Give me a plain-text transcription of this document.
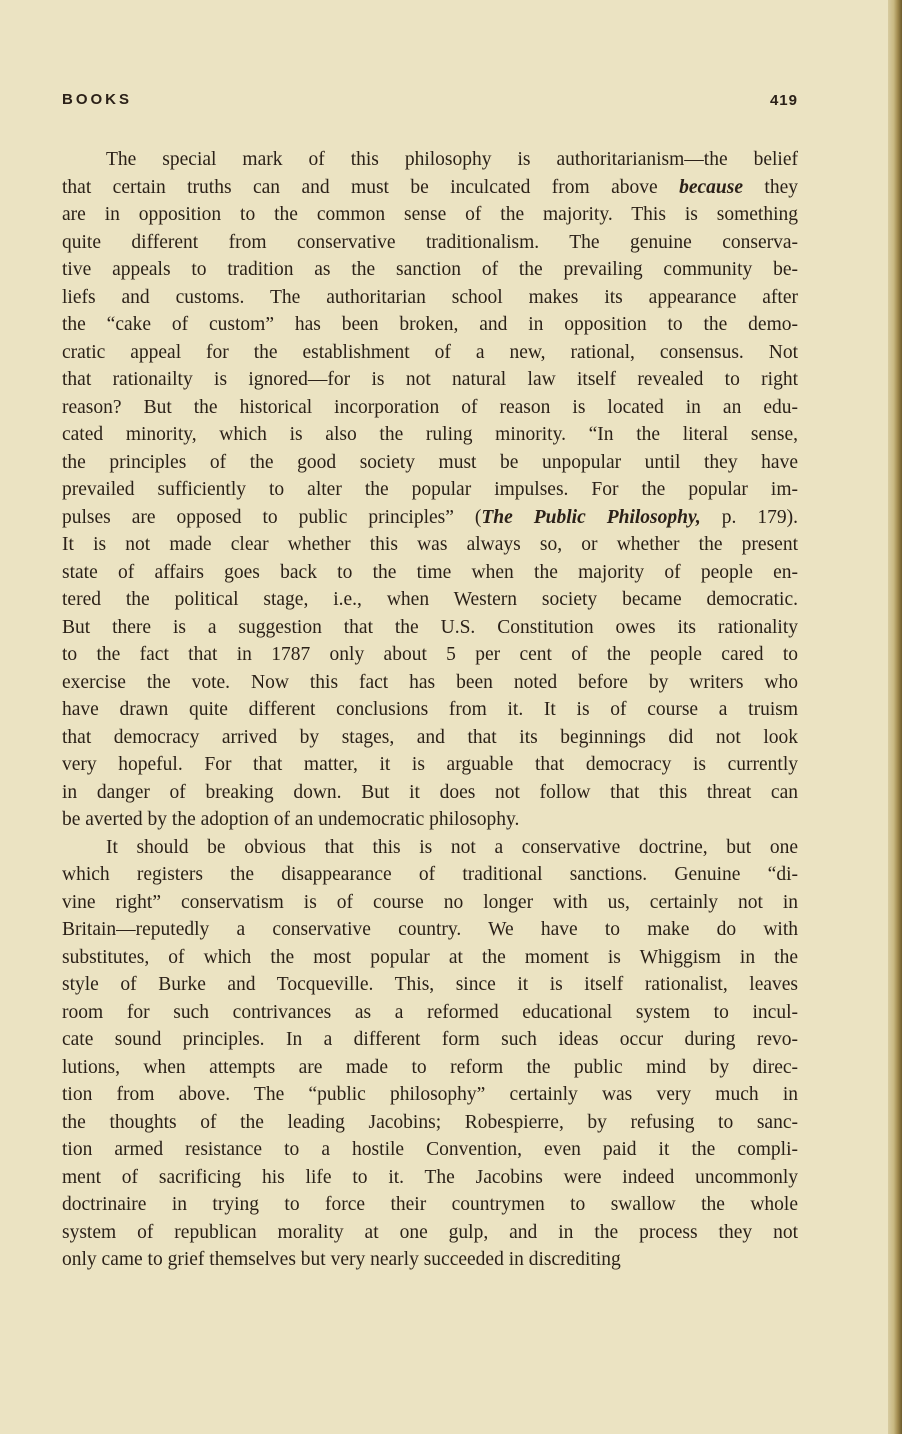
BOOKS	419
The special mark of this philosophy is authoritarianism—the belief
that certain truths can and must be inculcated from above because they
are in opposition to the common sense of the majority. This is something
quite different from conservative traditionalism. The genuine conserva-
tive appeals to tradition as the sanction of the prevailing community be-
liefs and customs. The authoritarian school makes its appearance after
the “cake of custom” has been broken, and in opposition to the demo-
cratic appeal for the establishment of a new, rational, consensus. Not
that rationailty is ignored—for is not natural law itself revealed to right
reason? But the historical incorporation of reason is located in an edu-
cated minority, which is also the ruling minority. “In the literal sense,
the principles of the good society must be unpopular until they have
prevailed sufficiently to alter the popular impulses. For the popular im-
pulses are opposed to public principles” (The Public Philosophy, p. 179).
It is not made clear whether this was always so, or whether the present
state of affairs goes back to the time when the majority of people en-
tered the political stage, i.e., when Western society became democratic.
But there is a suggestion that the U.S. Constitution owes its rationality
to the fact that in 1787 only about 5 per cent of the people cared to
exercise the vote. Now this fact has been noted before by writers who
have drawn quite different conclusions from it. It is of course a truism
that democracy arrived by stages, and that its beginnings did not look
very hopeful. For that matter, it is arguable that democracy is currently
in danger of breaking down. But it does not follow that this threat can
be averted by the adoption of an undemocratic philosophy.
It should be obvious that this is not a conservative doctrine, but one
which registers the disappearance of traditional sanctions. Genuine “di-
vine right” conservatism is of course no longer with us, certainly not in
Britain—reputedly a conservative country. We have to make do with
substitutes, of which the most popular at the moment is Whiggism in the
style of Burke and Tocqueville. This, since it is itself rationalist, leaves
room for such contrivances as a reformed educational system to incul-
cate sound principles. In a different form such ideas occur during revo-
lutions, when attempts are made to reform the public mind by direc-
tion from above. The “public philosophy” certainly was very much in
the thoughts of the leading Jacobins; Robespierre, by refusing to sanc-
tion armed resistance to a hostile Convention, even paid it the compli-
ment of sacrificing his life to it. The Jacobins were indeed uncommonly
doctrinaire in trying to force their countrymen to swallow the whole
system of republican morality at one gulp, and in the process they not
only came to grief themselves but very nearly succeeded in discrediting
